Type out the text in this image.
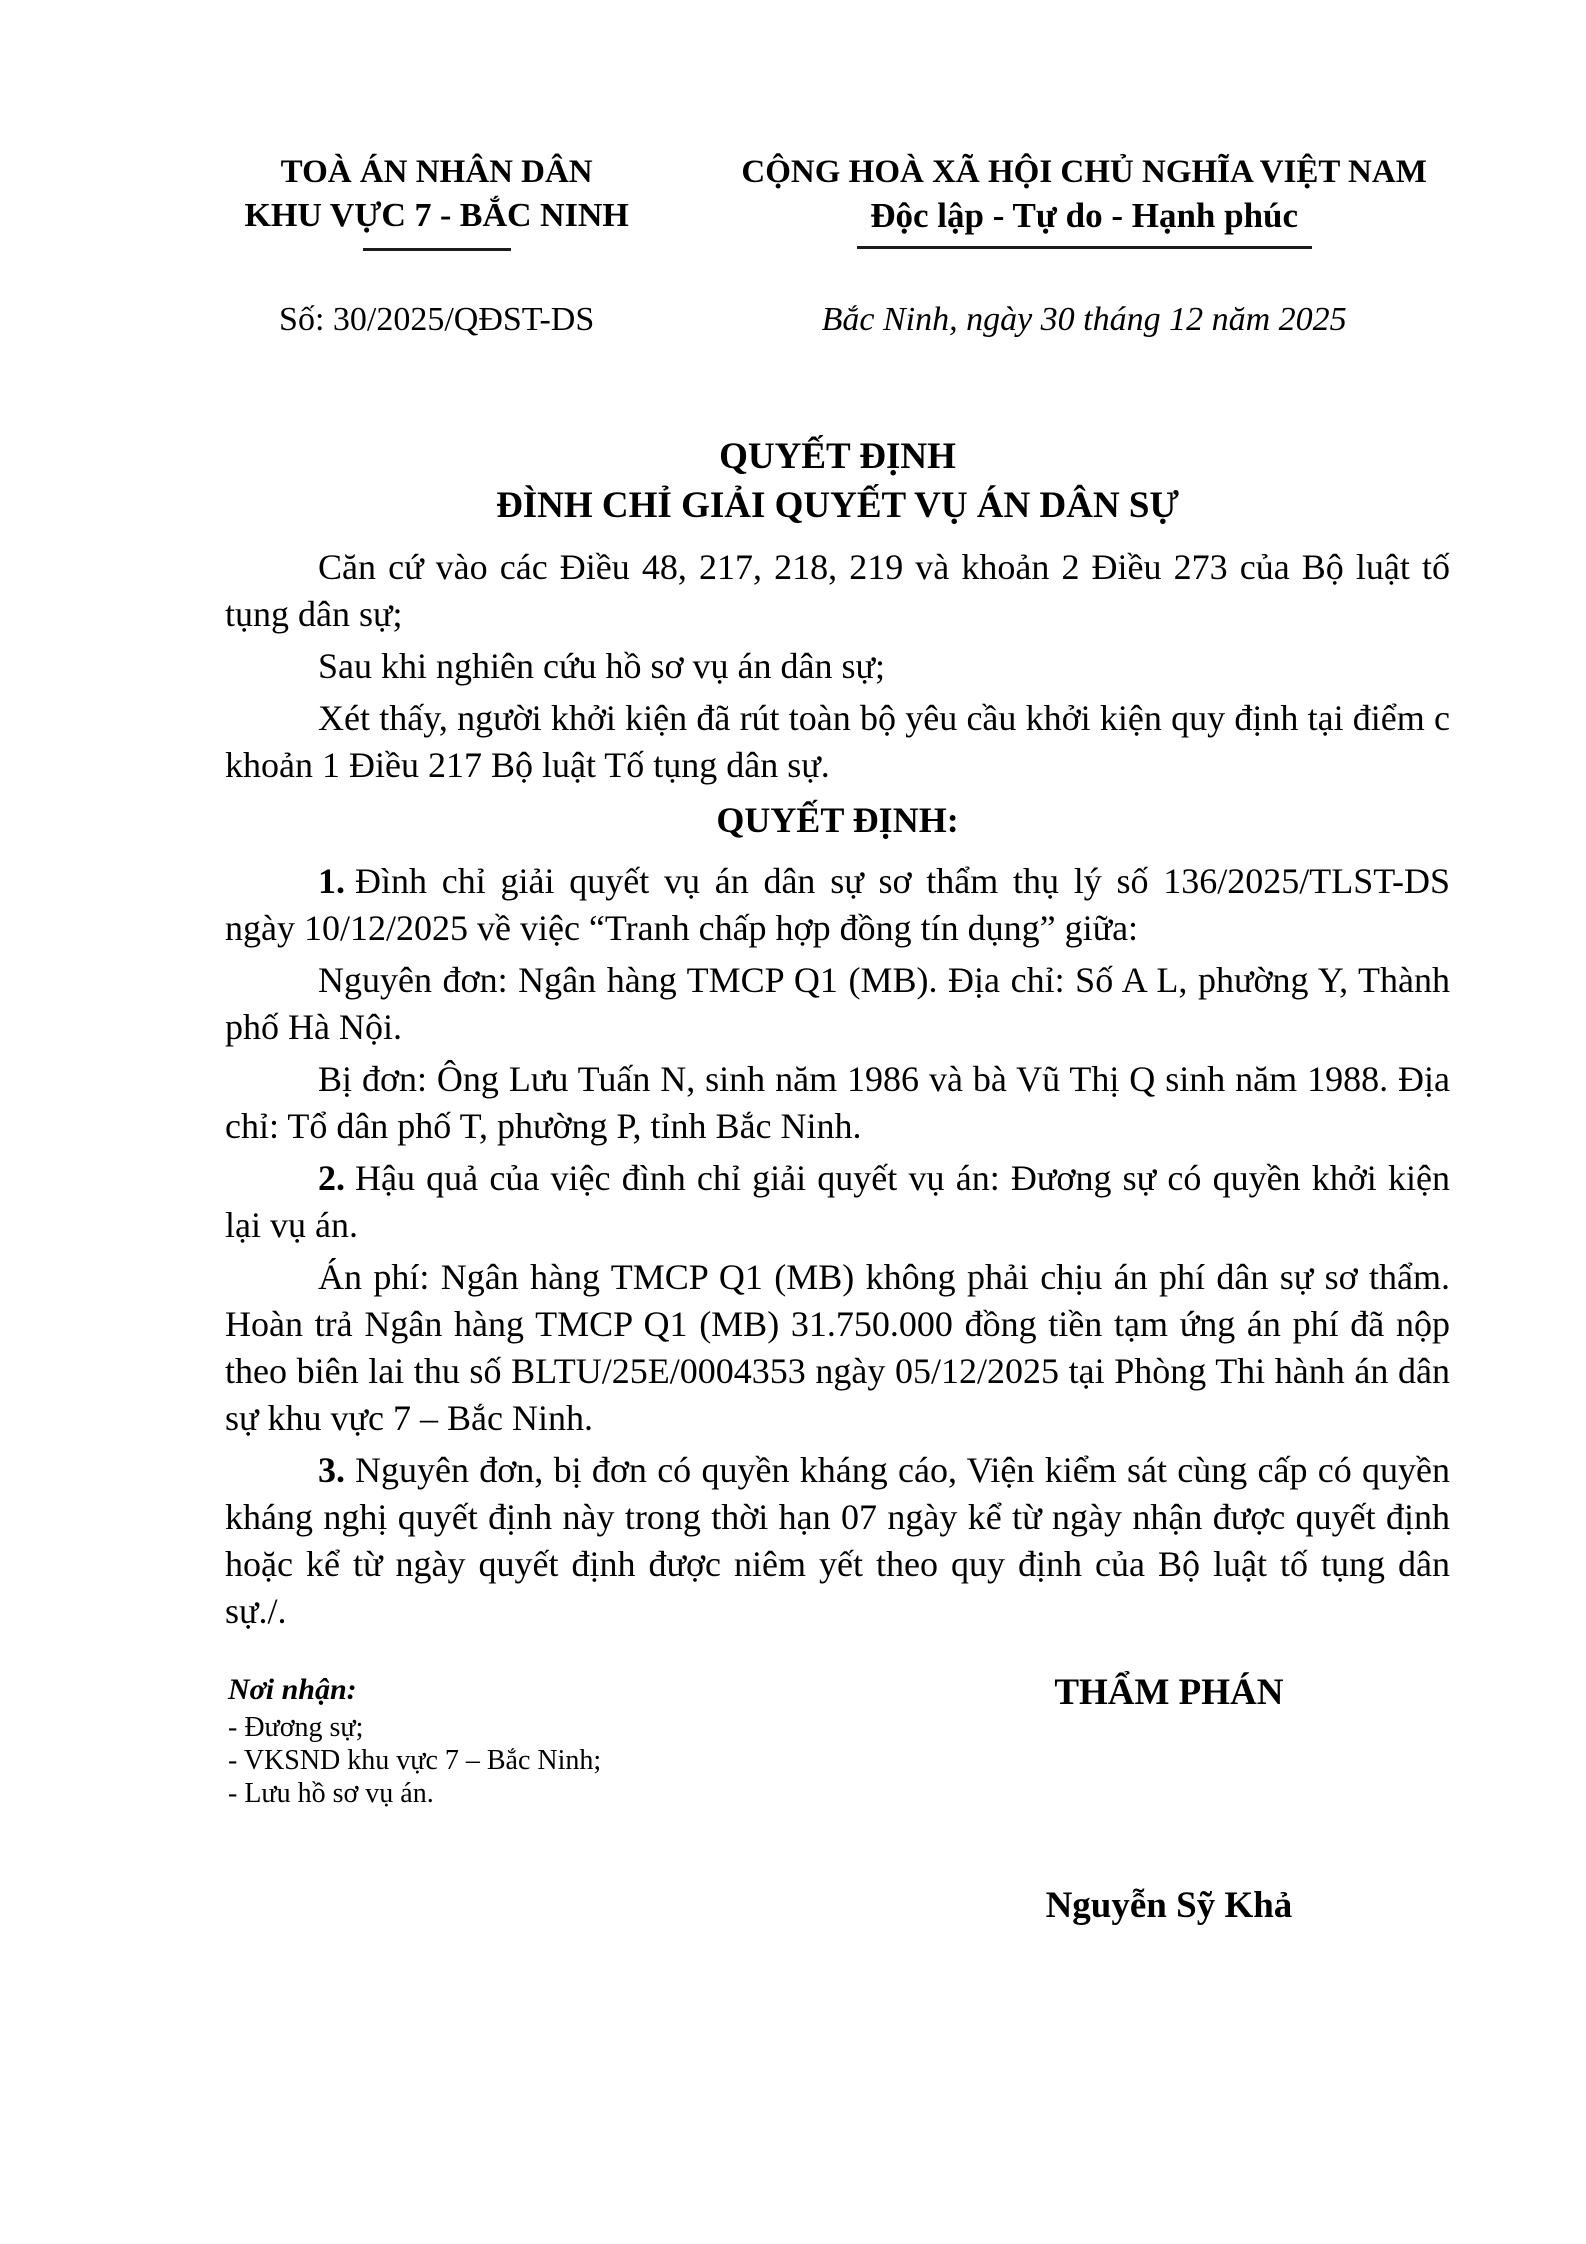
TOÀ ÁN NHÂN DÂN
KHU VỰC 7 - BẮC NINH
CỘNG HOÀ XÃ HỘI CHỦ NGHĨA VIỆT NAM
Độc lập - Tự do - Hạnh phúc
Số: 30/2025/QĐST-DS	Bắc Ninh, ngày 30 tháng 12 năm 2025
QUYẾT ĐỊNH
ĐÌNH CHỈ GIẢI QUYẾT VỤ ÁN DÂN SỰ

Căn cứ vào các Điều 48, 217, 218, 219 và khoản 2 Điều 273 của Bộ luật tố tụng dân sự;

Sau khi nghiên cứu hồ sơ vụ án dân sự;

Xét thấy, người khởi kiện đã rút toàn bộ yêu cầu khởi kiện quy định tại điểm c khoản 1 Điều 217 Bộ luật Tố tụng dân sự.

QUYẾT ĐỊNH:

1. Đình chỉ giải quyết vụ án dân sự sơ thẩm thụ lý số 136/2025/TLST-DS ngày 10/12/2025 về việc “Tranh chấp hợp đồng tín dụng” giữa:

Nguyên đơn: Ngân hàng TMCP Q1 (MB). Địa chỉ: Số A L, phường Y, Thành phố Hà Nội.

Bị đơn: Ông Lưu Tuấn N, sinh năm 1986 và bà Vũ Thị Q sinh năm 1988. Địa chỉ: Tổ dân phố T, phường P, tỉnh Bắc Ninh.

2. Hậu quả của việc đình chỉ giải quyết vụ án: Đương sự có quyền khởi kiện lại vụ án.

Án phí: Ngân hàng TMCP Q1 (MB) không phải chịu án phí dân sự sơ thẩm. Hoàn trả Ngân hàng TMCP Q1 (MB) 31.750.000 đồng tiền tạm ứng án phí đã nộp theo biên lai thu số BLTU/25E/0004353 ngày 05/12/2025 tại Phòng Thi hành án dân sự khu vực 7 – Bắc Ninh.

3. Nguyên đơn, bị đơn có quyền kháng cáo, Viện kiểm sát cùng cấp có quyền kháng nghị quyết định này trong thời hạn 07 ngày kể từ ngày nhận được quyết định hoặc kể từ ngày quyết định được niêm yết theo quy định của Bộ luật tố tụng dân sự./.

Nơi nhận:
- Đương sự;
- VKSND khu vực 7 – Bắc Ninh;
- Lưu hồ sơ vụ án.
THẨM PHÁN
Nguyễn Sỹ Khả
